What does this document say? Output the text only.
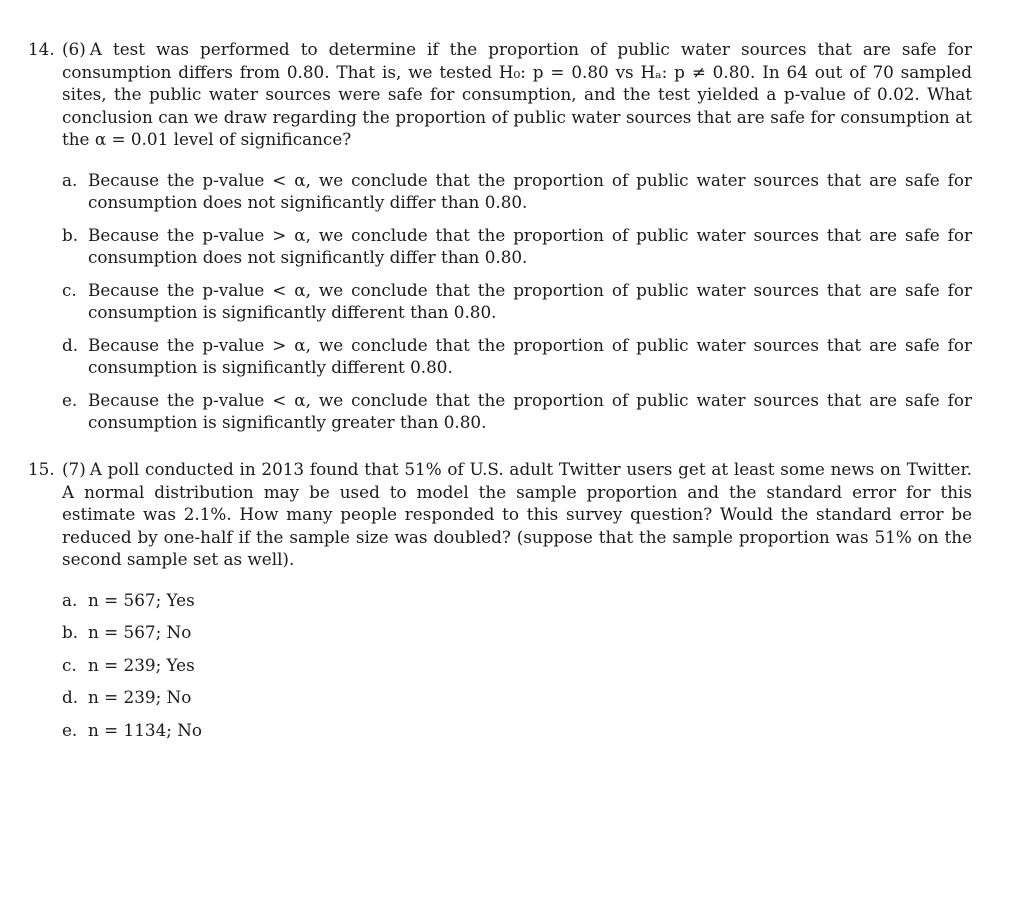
14. (6) A test was performed to determine if the proportion of public water sources that are safe for consumption differs from 0.80. That is, we tested H₀: p = 0.80 vs Hₐ: p ≠ 0.80. In 64 out of 70 sampled sites, the public water sources were safe for consumption, and the test yielded a p-value of 0.02. What conclusion can we draw regarding the proportion of public water sources that are safe for consumption at the α = 0.01 level of significance?
a. Because the p-value < α, we conclude that the proportion of public water sources that are safe for consumption does not significantly differ than 0.80.
b. Because the p-value > α, we conclude that the proportion of public water sources that are safe for consumption does not significantly differ than 0.80.
c. Because the p-value < α, we conclude that the proportion of public water sources that are safe for consumption is significantly different than 0.80.
d. Because the p-value > α, we conclude that the proportion of public water sources that are safe for consumption is significantly different 0.80.
e. Because the p-value < α, we conclude that the proportion of public water sources that are safe for consumption is significantly greater than 0.80.
15. (7) A poll conducted in 2013 found that 51% of U.S. adult Twitter users get at least some news on Twitter. A normal distribution may be used to model the sample proportion and the standard error for this estimate was 2.1%. How many people responded to this survey question? Would the standard error be reduced by one-half if the sample size was doubled? (suppose that the sample proportion was 51% on the second sample set as well).
a. n = 567; Yes
b. n = 567; No
c. n = 239; Yes
d. n = 239; No
e. n = 1134; No
